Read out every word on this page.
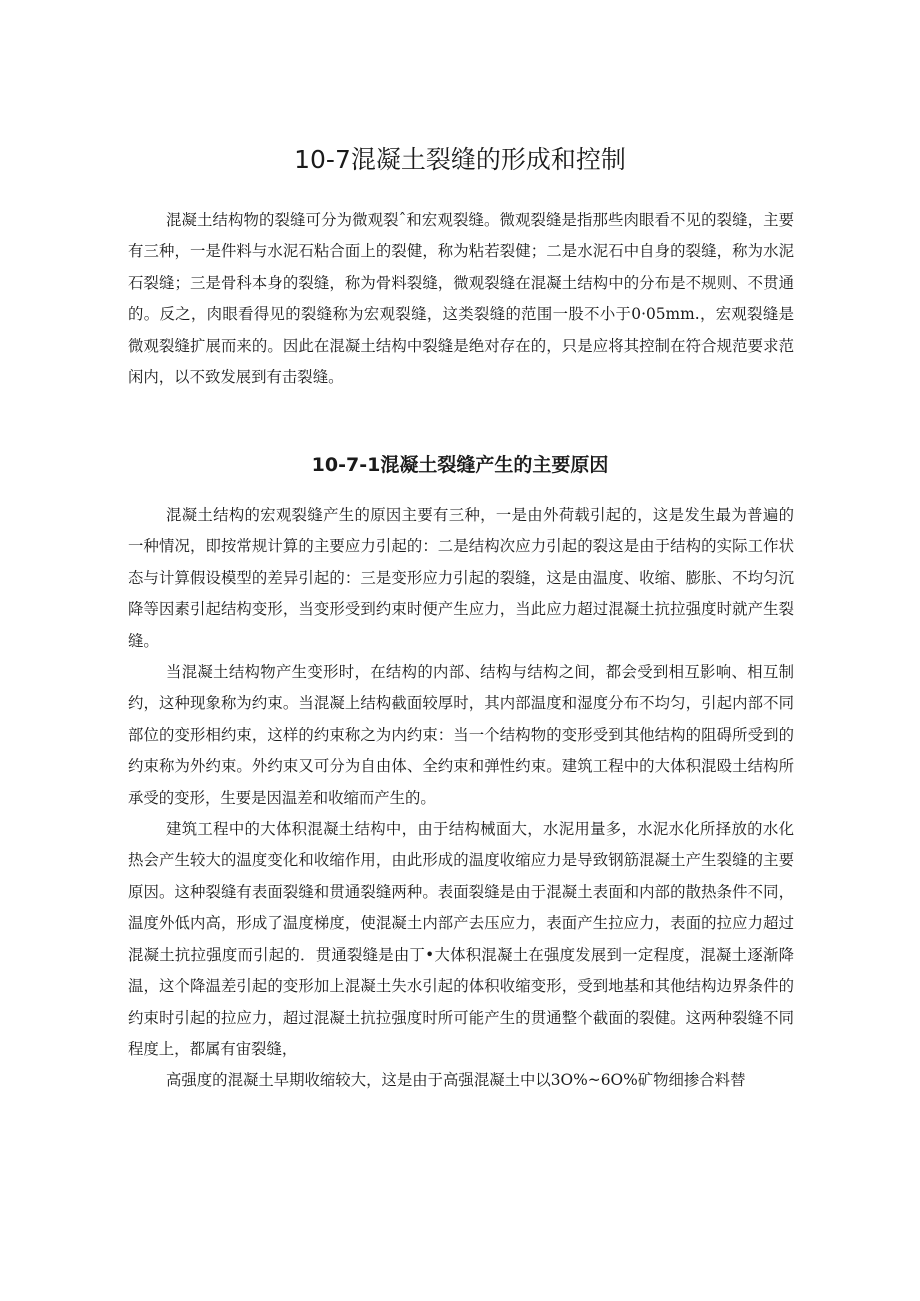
10-7混凝土裂缝的形成和控制

混凝土结构物的裂缝可分为微观裂ˆ和宏观裂缝。微观裂缝是指那些肉眼看不见的裂缝，主要有三种，一是件料与水泥石粘合面上的裂健，称为粘若裂健；二是水泥石中自身的裂缝，称为水泥石裂缝；三是骨科本身的裂缝，称为骨料裂缝，微观裂缝在混凝土结构中的分布是不规则、不贯通的。反之，肉眼看得见的裂缝称为宏观裂缝，这类裂缝的范围一股不小于0·05mm.，宏观裂缝是微观裂缝扩展而来的。因此在混凝土结构中裂缝是绝对存在的，只是应将其控制在符合规范要求范闲内，以不致发展到有击裂缝。

10-7-1混凝土裂缝产生的主要原因

混凝土结构的宏观裂缝产生的原因主要有三种，一是由外荷载引起的，这是发生最为普遍的一种情况，即按常规计算的主要应力引起的：二是结构次应力引起的裂这是由于结构的实际工作状态与计算假设模型的差异引起的：三是变形应力引起的裂缝，这是由温度、收缩、膨胀、不均匀沉降等因素引起结构变形，当变形受到约束时便产生应力，当此应力超过混凝土抗拉强度时就产生裂缝。

当混凝土结构物产生变形时，在结构的内部、结构与结构之间，都会受到相互影响、相互制约，这种现象称为约束。当混凝上结构截面较厚时，其内部温度和湿度分布不均匀，引起内部不同部位的变形相约束，这样的约束称之为内约束：当一个结构物的变形受到其他结构的阻碍所受到的约束称为外约束。外约束又可分为自由体、全约束和弹性约束。建筑工程中的大体积混殴土结构所承受的变形，生要是因温差和收缩而产生的。

建筑工程中的大体积混凝土结构中，由于结构械面大，水泥用量多，水泥水化所择放的水化热会产生较大的温度变化和收缩作用，由此形成的温度收缩应力是导致钢筋混凝土产生裂缝的主要原因。这种裂缝有表面裂缝和贯通裂缝两种。表面裂缝是由于混凝土表面和内部的散热条件不同，温度外低内高，形成了温度梯度，使混凝土内部产去压应力，表面产生拉应力，表面的拉应力超过混凝土抗拉强度而引起的．贯通裂缝是由丁•大体积混凝土在强度发展到一定程度，混凝土逐渐降温，这个降温差引起的变形加上混凝土失水引起的体积收缩变形，受到地基和其他结构边界条件的约束时引起的拉应力，超过混凝土抗拉强度时所可能产生的贯通整个截面的裂健。这两种裂缝不同程度上，都属有宙裂缝，

高强度的混凝土早期收缩较大，这是由于高强混凝土中以3O%~6O%矿物细掺合料替
